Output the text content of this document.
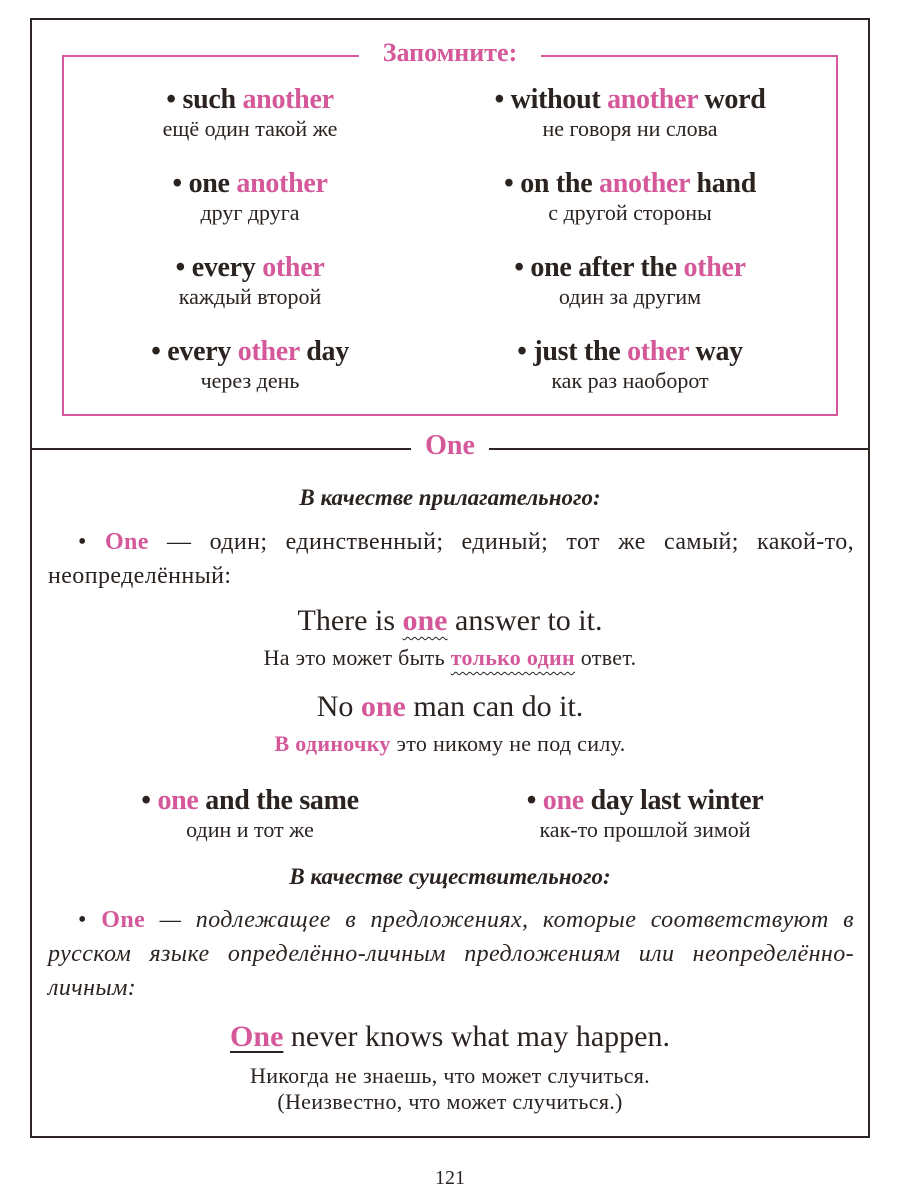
Запомните:
• such another
ещё один такой же
• without another word
не говоря ни слова
• one another
друг друга
• on the another hand
с другой стороны
• every other
каждый второй
• one after the other
один за другим
• every other day
через день
• just the other way
как раз наоборот
One
В качестве прилагательного:
• One — один; единственный; единый; тот же самый; какой-то, неопределённый:
There is one answer to it.
На это может быть только один ответ.
No one man can do it.
В одиночку это никому не под силу.
• one and the same
один и тот же
• one day last winter
как-то прошлой зимой
В качестве существительного:
• One — подлежащее в предложениях, которые соответствуют в русском языке определённо-личным предложениям или неопределённо-личным:
One never knows what may happen.
Никогда не знаешь, что может случиться.
(Неизвестно, что может случиться.)
121
